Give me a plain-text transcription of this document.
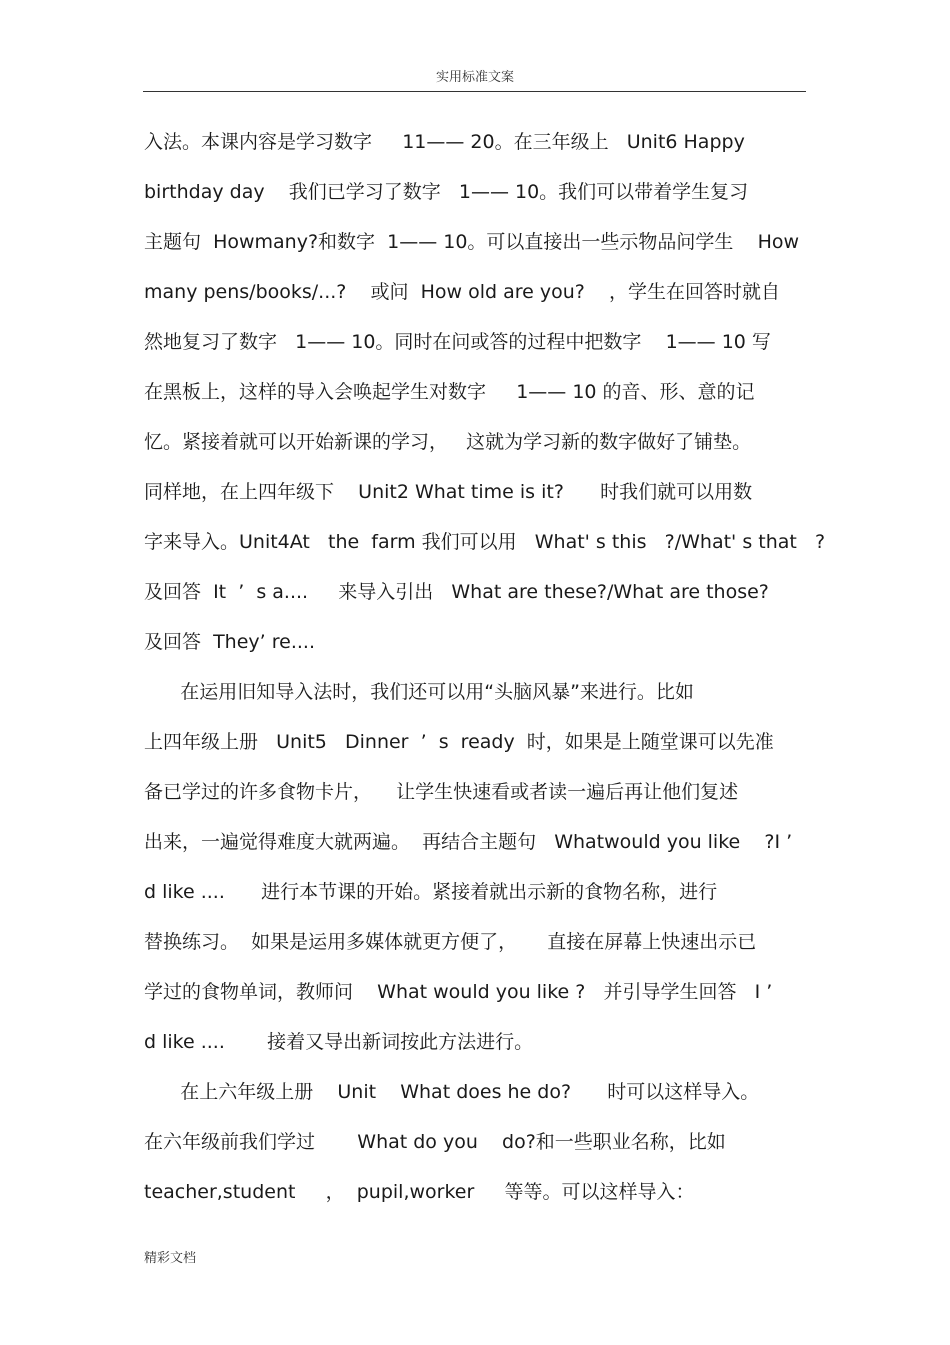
实用标准文案
入法。本课内容是学习数字     11—— 20。在三年级上   Unit6 Happy
birthday day    我们已学习了数字   1—— 10。我们可以带着学生复习
主题句  Howmany?和数字  1—— 10。可以直接出一些示物品问学生    How
many pens/books/...?    或问  How old are you?    ，学生在回答时就自
然地复习了数字   1—— 10。同时在问或答的过程中把数字    1—— 10 写
在黑板上，这样的导入会唤起学生对数字     1—— 10 的音、形、意的记
忆。紧接着就可以开始新课的学习，   这就为学习新的数字做好了铺垫。
同样地，在上四年级下    Unit2 What time is it?      时我们就可以用数
字来导入。Unit4At   the  farm 我们可以用   What' s this   ?/What' s that   ?
及回答  It  ’  s a....     来导入引出   What are these?/What are those?
及回答  They’ re....
在运用旧知导入法时，我们还可以用“头脑风暴”来进行。比如
上四年级上册   Unit5   Dinner  ’  s  ready  时，如果是上随堂课可以先准
备已学过的许多食物卡片，    让学生快速看或者读一遍后再让他们复述
出来，一遍觉得难度大就两遍。  再结合主题句   Whatwould you like    ?I ’
d like ....      进行本节课的开始。紧接着就出示新的食物名称，进行
替换练习。  如果是运用多媒体就更方便了，     直接在屏幕上快速出示已
学过的食物单词，教师问    What would you like ?   并引导学生回答   I ’
d like ....       接着又导出新词按此方法进行。
在上六年级上册    Unit    What does he do?      时可以这样导入。
在六年级前我们学过       What do you    do?和一些职业名称，比如
teacher,student     ，  pupil,worker     等等。可以这样导入：
精彩文档
